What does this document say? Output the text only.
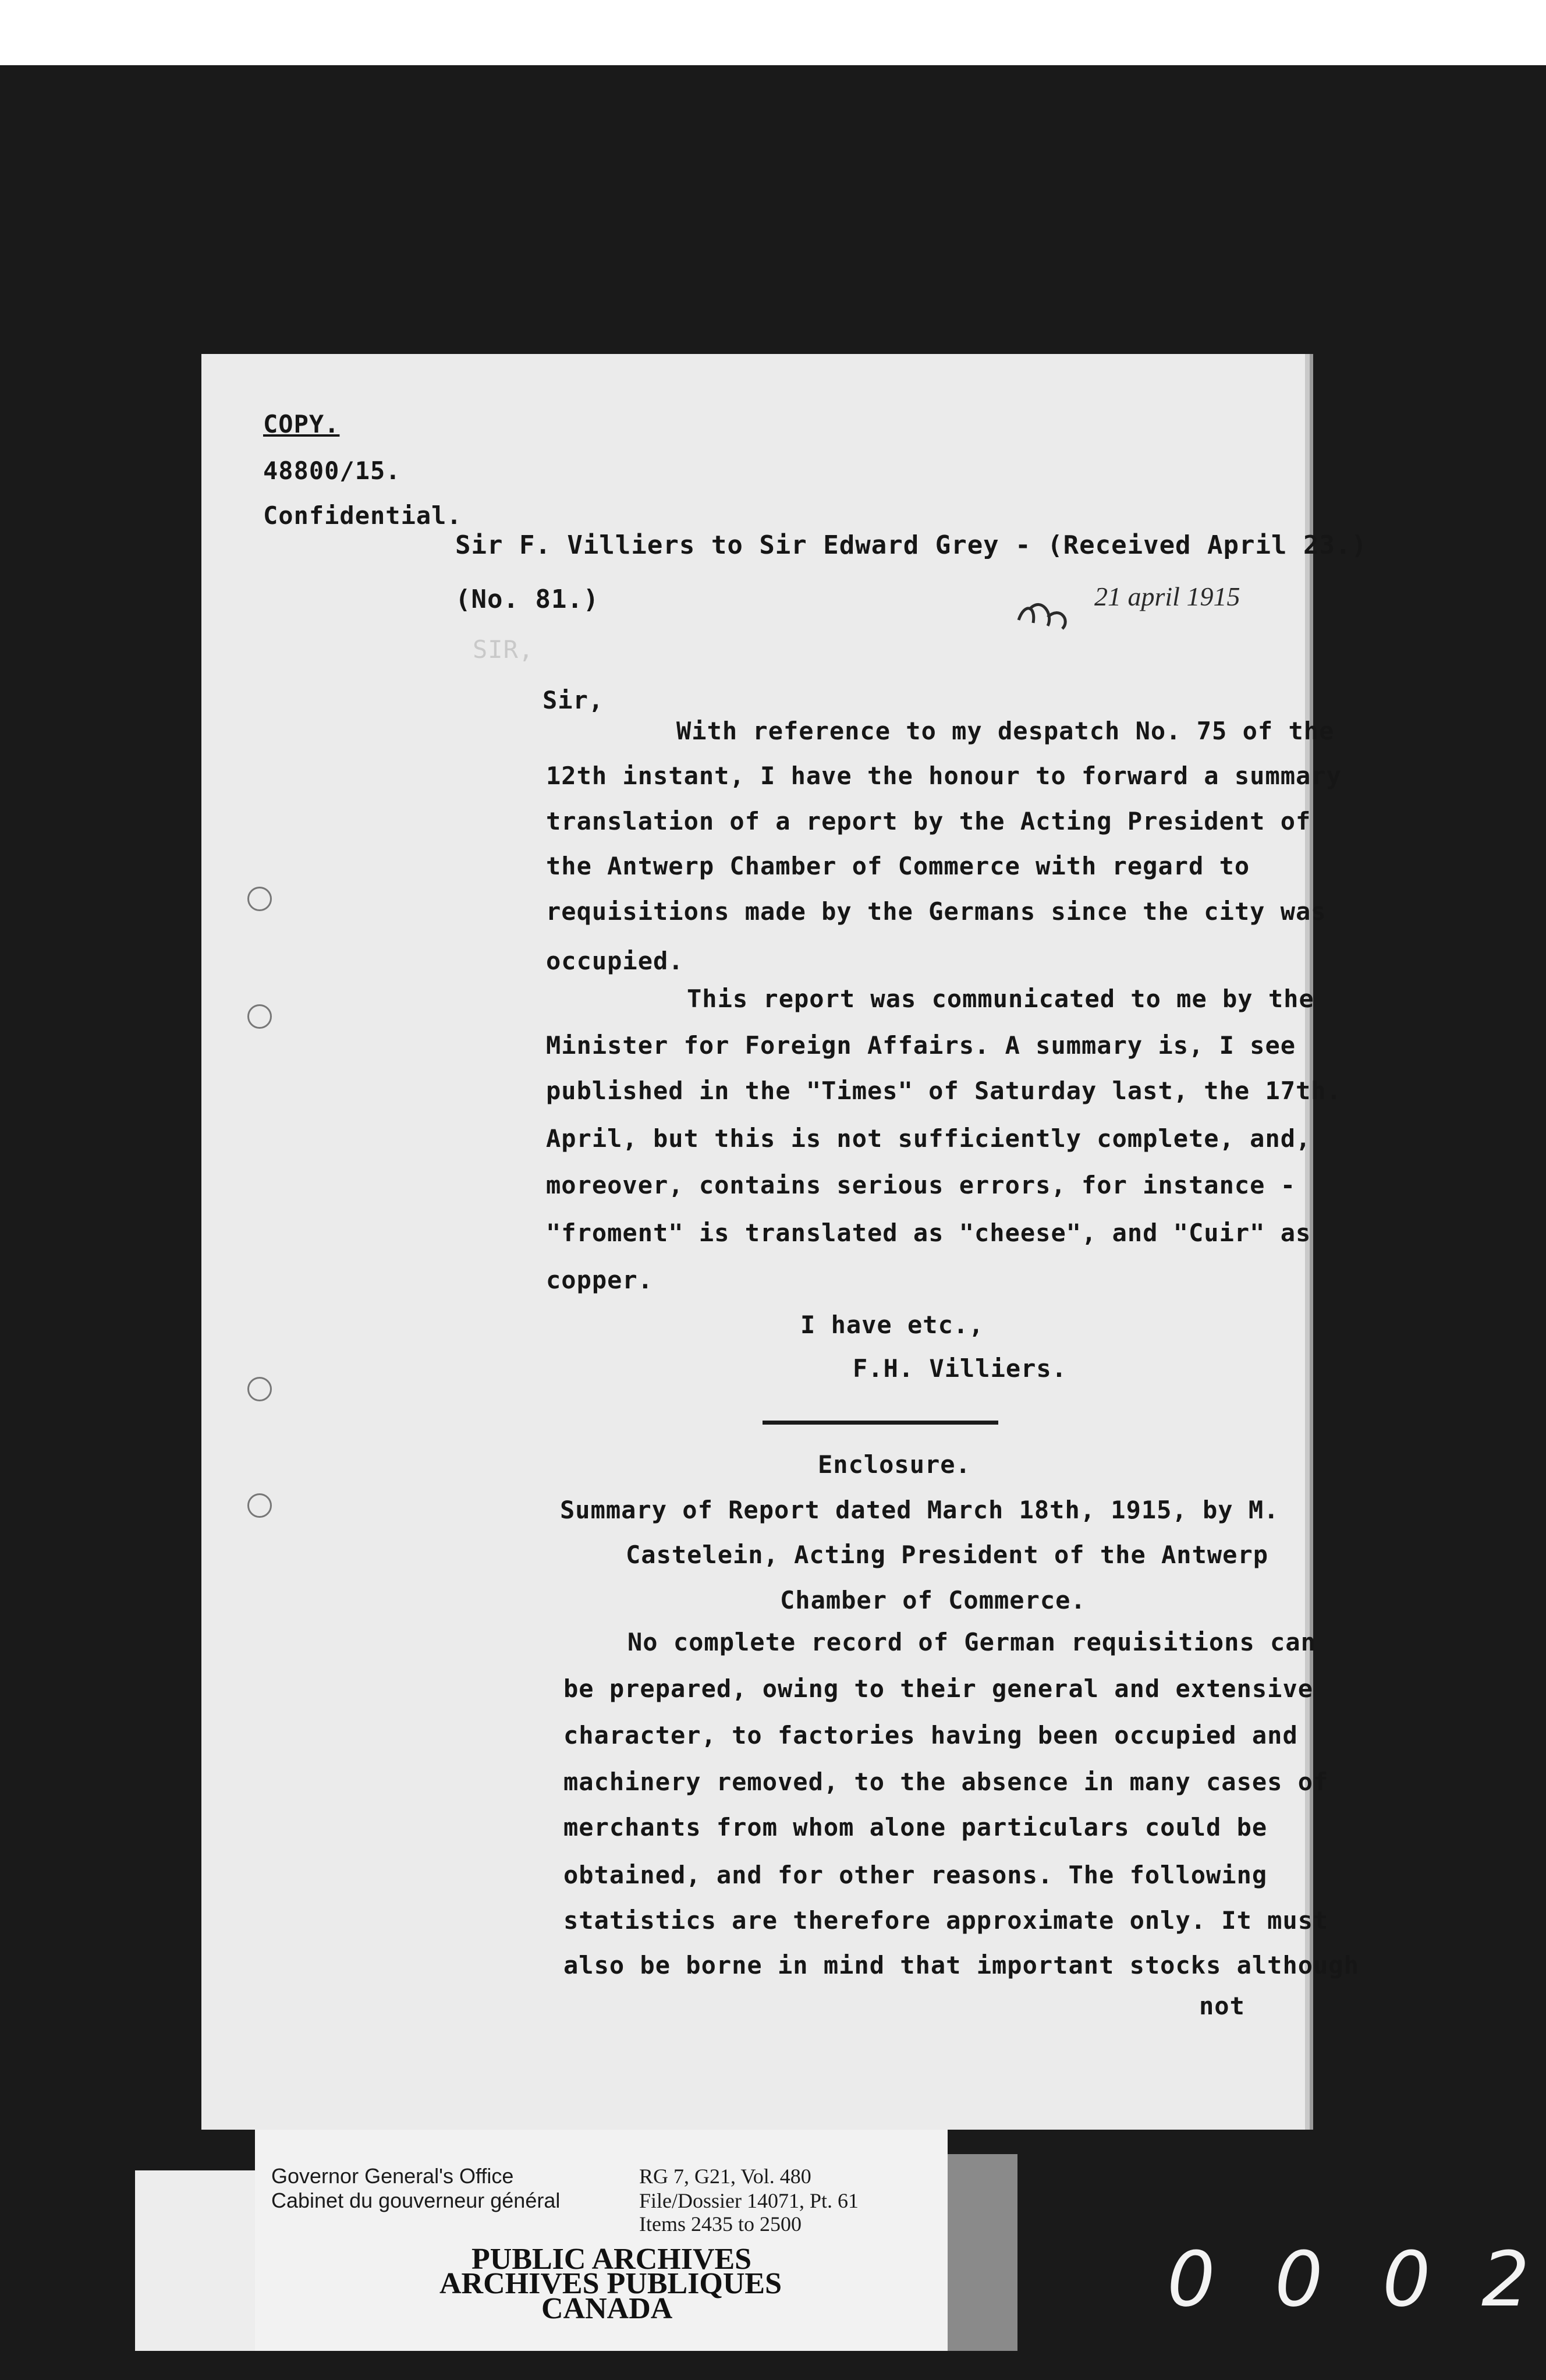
COPY.
48800/15.
Confidential.
Sir F. Villiers to Sir Edward Grey - (Received April 23.)
(No. 81.)	21 april 1915
SIR,
Sir,
With reference to my despatch No. 75 of the
12th instant, I have the honour to forward a summary
translation of a report by the Acting President of
the Antwerp Chamber of Commerce with regard to
requisitions made by the Germans since the city was
occupied.
This report was communicated to me by the
Minister for Foreign Affairs. A summary is, I see
published in the "Times" of Saturday last, the 17th.
April, but this is not sufficiently complete, and,
moreover, contains serious errors, for instance -
"froment" is translated as "cheese", and "Cuir" as
copper.
I have etc.,
F.H. Villiers.
Enclosure.
Summary of Report dated March 18th, 1915, by M.
Castelein, Acting President of the Antwerp
Chamber of Commerce.
No complete record of German requisitions can
be prepared, owing to their general and extensive
character, to factories having been occupied and
machinery removed, to the absence in many cases of
merchants from whom alone particulars could be
obtained, and for other reasons. The following
statistics are therefore approximate only. It must
also be borne in mind that important stocks although
not
Governor General's Office
Cabinet du gouverneur général
RG 7, G21, Vol. 480
File/Dossier 14071, Pt. 61
Items 2435 to 2500
PUBLIC ARCHIVES
ARCHIVES PUBLIQUES
CANADA	0 0 0 2
